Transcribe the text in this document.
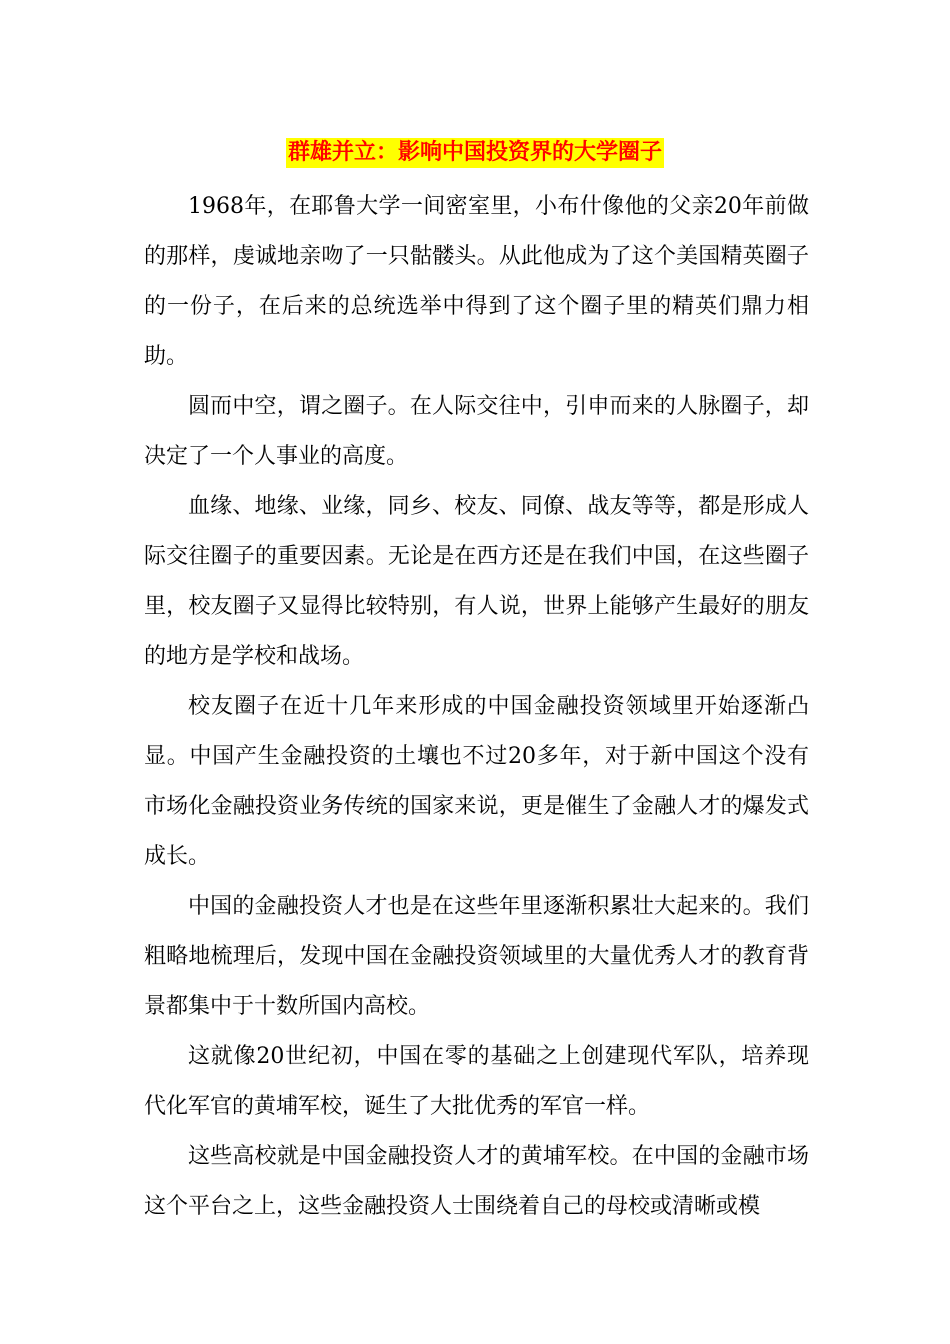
群雄并立：影响中国投资界的大学圈子

1968年，在耶鲁大学一间密室里，小布什像他的父亲20年前做的那样，虔诚地亲吻了一只骷髅头。从此他成为了这个美国精英圈子的一份子，在后来的总统选举中得到了这个圈子里的精英们鼎力相助。

圆而中空，谓之圈子。在人际交往中，引申而来的人脉圈子，却决定了一个人事业的高度。

血缘、地缘、业缘，同乡、校友、同僚、战友等等，都是形成人际交往圈子的重要因素。无论是在西方还是在我们中国，在这些圈子里，校友圈子又显得比较特别，有人说，世界上能够产生最好的朋友的地方是学校和战场。

校友圈子在近十几年来形成的中国金融投资领域里开始逐渐凸显。中国产生金融投资的土壤也不过20多年，对于新中国这个没有市场化金融投资业务传统的国家来说，更是催生了金融人才的爆发式成长。

中国的金融投资人才也是在这些年里逐渐积累壮大起来的。我们粗略地梳理后，发现中国在金融投资领域里的大量优秀人才的教育背景都集中于十数所国内高校。

这就像20世纪初，中国在零的基础之上创建现代军队，培养现代化军官的黄埔军校，诞生了大批优秀的军官一样。

这些高校就是中国金融投资人才的黄埔军校。在中国的金融市场这个平台之上，这些金融投资人士围绕着自己的母校或清晰或模
